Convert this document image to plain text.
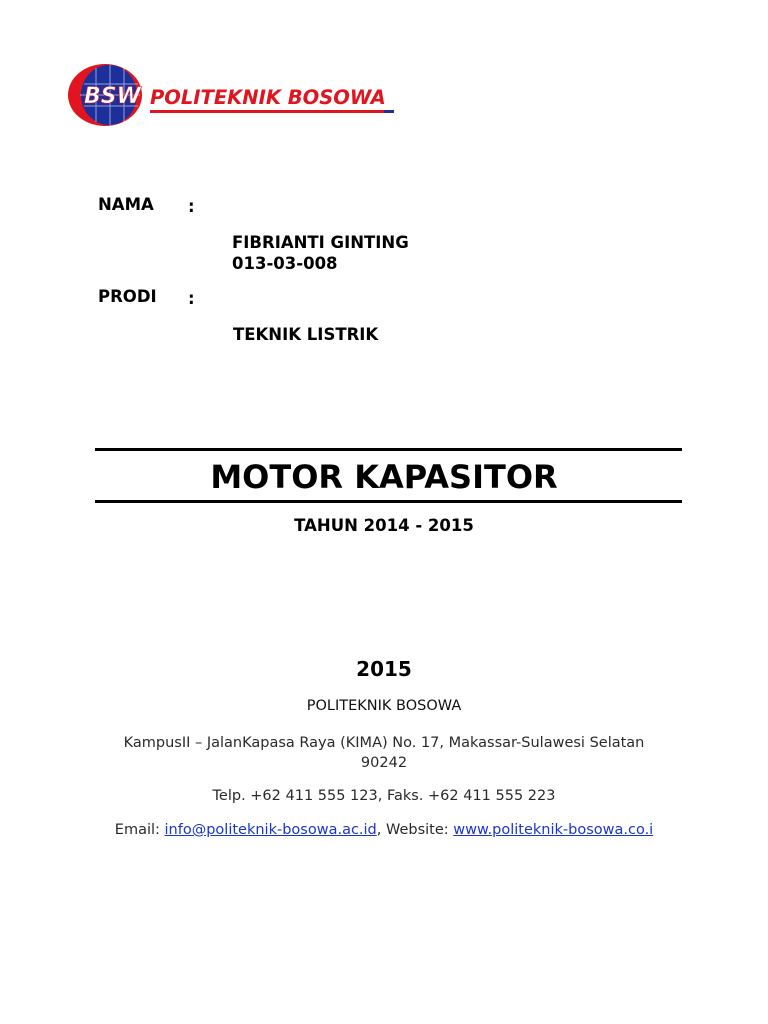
BSW POLITEKNIK BOSOWA
NAMA :
FIBRIANTI GINTING
013-03-008
PRODI :
TEKNIK LISTRIK
MOTOR KAPASITOR
TAHUN 2014 - 2015
2015
POLITEKNIK BOSOWA
KampusII – JalanKapasa Raya (KIMA) No. 17, Makassar-Sulawesi Selatan
90242
Telp. +62 411 555 123, Faks. +62 411 555 223
Email: info@politeknik-bosowa.ac.id, Website: www.politeknik-bosowa.co.i
